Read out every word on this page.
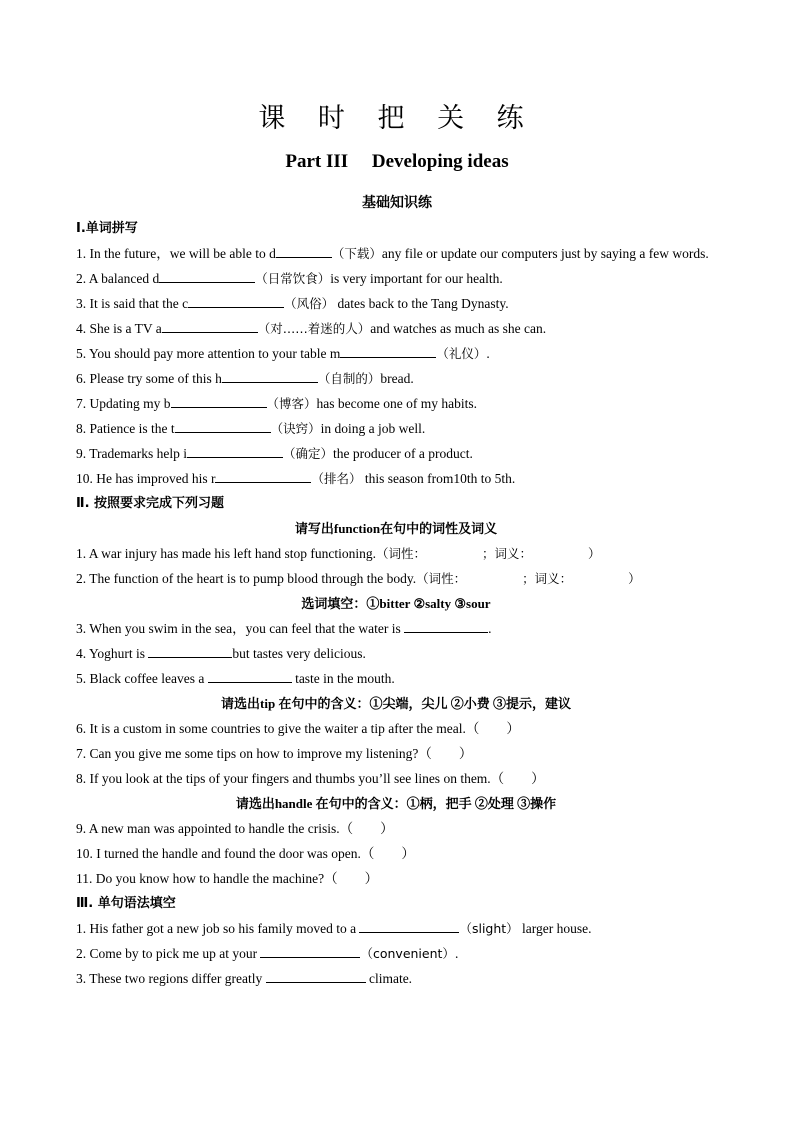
课 时 把 关 练
Part III　 Developing ideas
基础知识练
Ⅰ.单词拼写
1. In the future，we will be able to d	（下载）any file or update our computers just by saying a few words.
2. A balanced d	（日常饮食）is very important for our health.
3. It is said that the c	（风俗） dates back to the Tang Dynasty.
4. She is a TV a	（对……着迷的人）and watches as much as she can.
5. You should pay more attention to your table m	（礼仪）.
6. Please try some of this h	（自制的）bread.
7. Updating my b	（博客）has become one of my habits.
8. Patience is the t	（诀窍）in doing a job well.
9. Trademarks help i	（确定）the producer of a product.
10. He has improved his r	（排名） this season from10th to 5th.
Ⅱ. 按照要求完成下列习题
请写出function在句中的词性及词义
1. A war injury has made his left hand stop functioning.（词性：	；词义：	）
2. The function of the heart is to pump blood through the body.（词性：	；词义：	）
选词填空：①bitter ②salty ③sour
3. When you swim in the sea，you can feel that the water is	.
4. Yoghurt is	but tastes very delicious.
5. Black coffee leaves a	taste in the mouth.
请选出tip 在句中的含义：①尖端，尖儿 ②小费 ③提示，建议
6. It is a custom in some countries to give the waiter a tip after the meal.（　　）
7. Can you give me some tips on how to improve my listening?（　　）
8. If you look at the tips of your fingers and thumbs you’ll see lines on them.（　　）
请选出handle 在句中的含义：①柄，把手 ②处理 ③操作
9. A new man was appointed to handle the crisis.（　　）
10. I turned the handle and found the door was open.（　　）
11. Do you know how to handle the machine?（　　）
Ⅲ. 单句语法填空
1. His father got a new job so his family moved to a	（slight） larger house.
2. Come by to pick me up at your	（convenient）.
3. These two regions differ greatly	climate.
